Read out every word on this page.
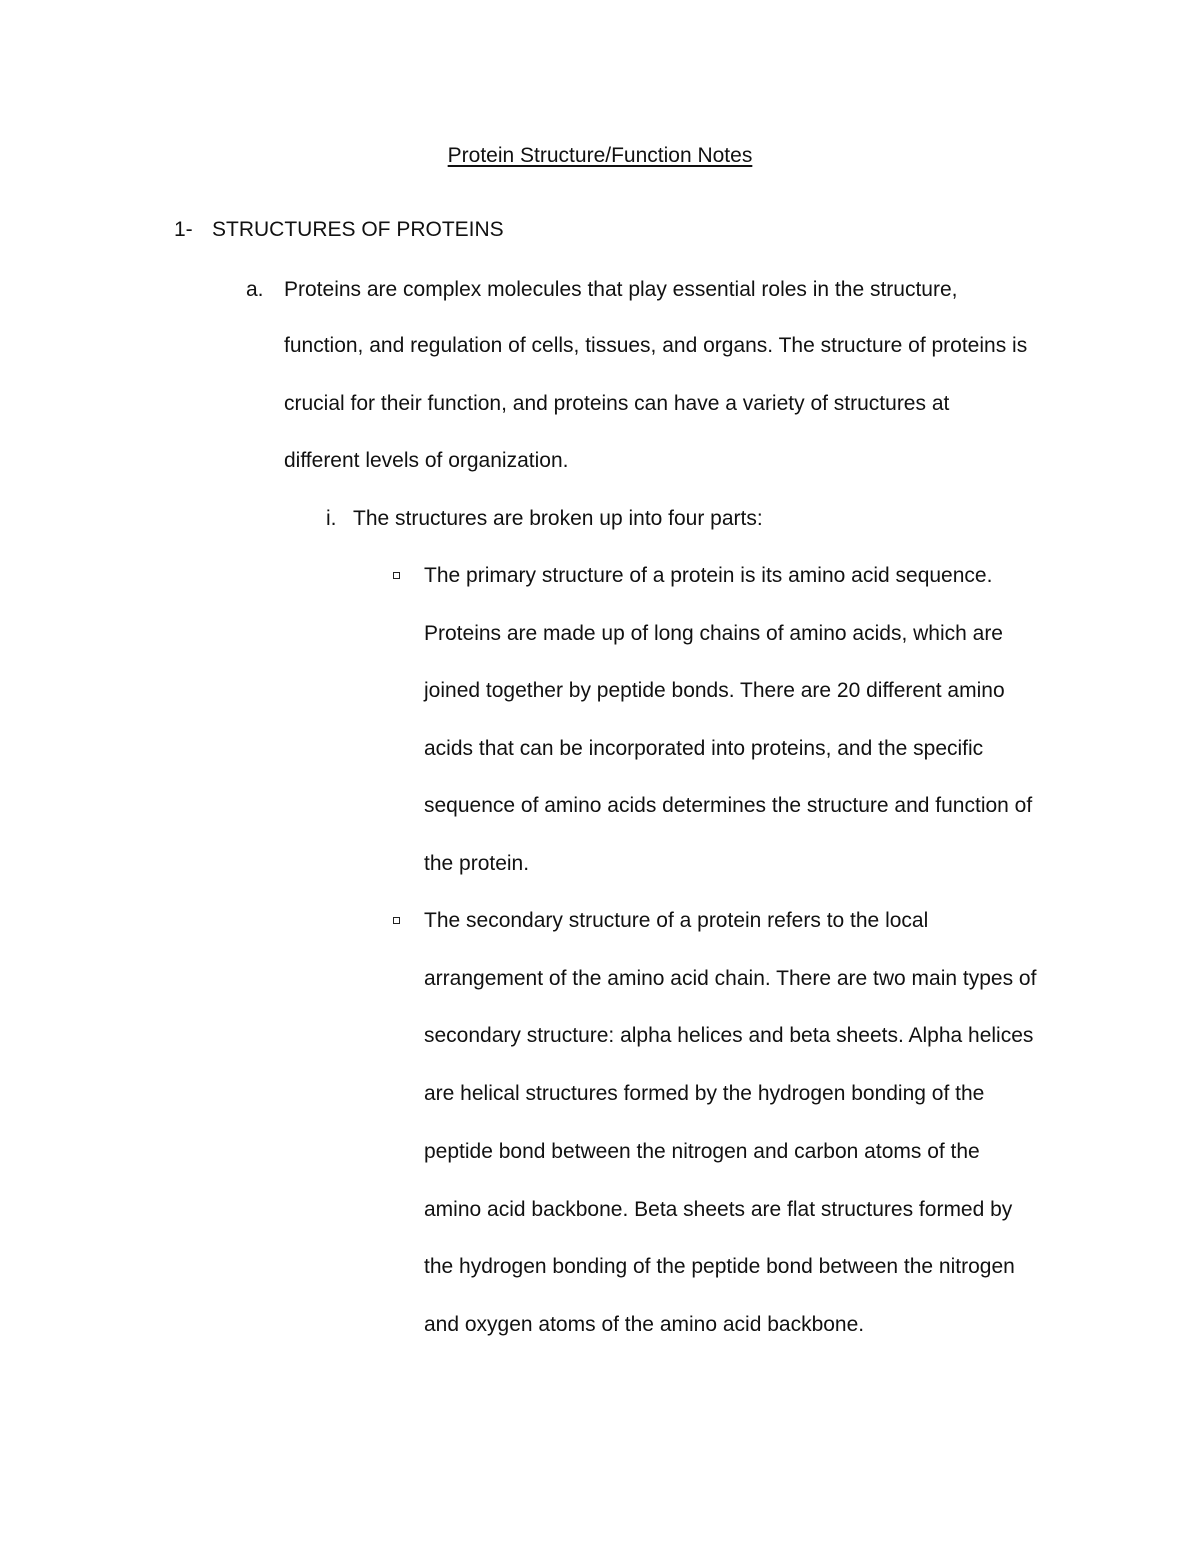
Protein Structure/Function Notes
1- STRUCTURES OF PROTEINS
a. Proteins are complex molecules that play essential roles in the structure,
function, and regulation of cells, tissues, and organs. The structure of proteins is
crucial for their function, and proteins can have a variety of structures at
different levels of organization.
i. The structures are broken up into four parts:
The primary structure of a protein is its amino acid sequence.
Proteins are made up of long chains of amino acids, which are
joined together by peptide bonds. There are 20 different amino
acids that can be incorporated into proteins, and the specific
sequence of amino acids determines the structure and function of
the protein.
The secondary structure of a protein refers to the local
arrangement of the amino acid chain. There are two main types of
secondary structure: alpha helices and beta sheets. Alpha helices
are helical structures formed by the hydrogen bonding of the
peptide bond between the nitrogen and carbon atoms of the
amino acid backbone. Beta sheets are flat structures formed by
the hydrogen bonding of the peptide bond between the nitrogen
and oxygen atoms of the amino acid backbone.
